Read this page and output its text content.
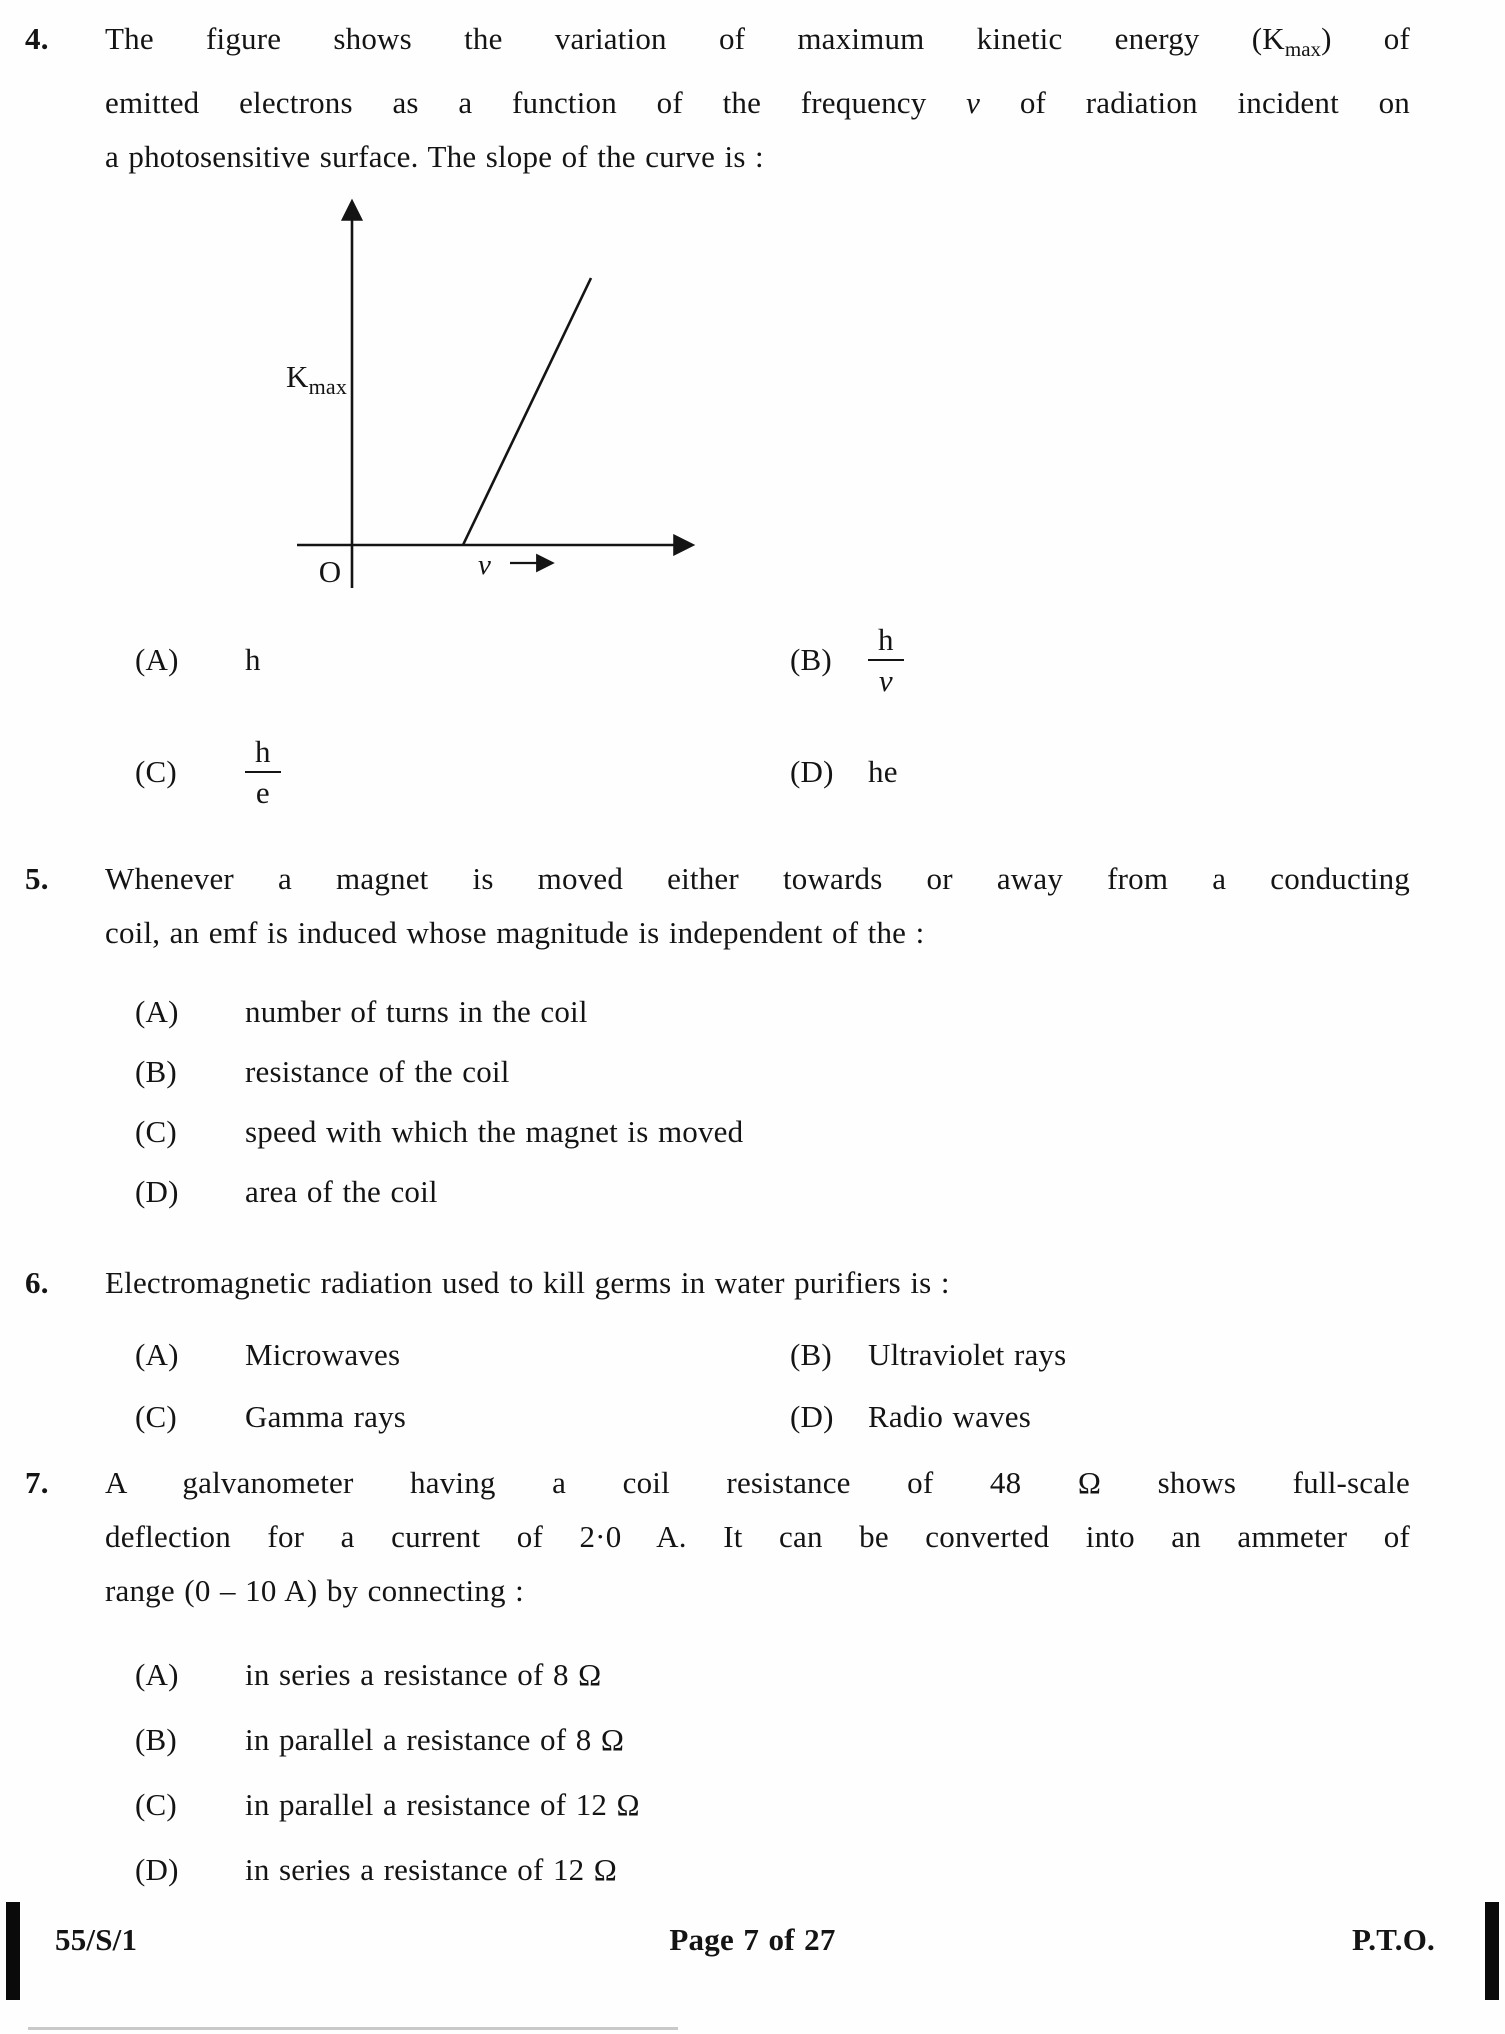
4.	The figure shows the variation of maximum kinetic energy $(K_{max})$ of
emitted electrons as a function of the frequency ν of radiation incident on
a photosensitive surface. The slope of the curve is :
$K_{max}$
O	ν
(A)	h	(B)	$\frac{h}{\nu}$
(C)	$\frac{h}{e}$	(D)	he
5.	Whenever a magnet is moved either towards or away from a conducting
coil, an emf is induced whose magnitude is independent of the :
(A)	number of turns in the coil
(B)	resistance of the coil
(C)	speed with which the magnet is moved
(D)	area of the coil
6.	Electromagnetic radiation used to kill germs in water purifiers is :
(A)	Microwaves	(B)	Ultraviolet rays
(C)	Gamma rays	(D)	Radio waves
7.	A galvanometer having a coil resistance of 48 Ω shows full-scale
deflection for a current of 2·0 A. It can be converted into an ammeter of
range (0 – 10 A) by connecting :
(A)	in series a resistance of 8 Ω
(B)	in parallel a resistance of 8 Ω
(C)	in parallel a resistance of 12 Ω
(D)	in series a resistance of 12 Ω
55/S/1	Page 7 of 27	P.T.O.
